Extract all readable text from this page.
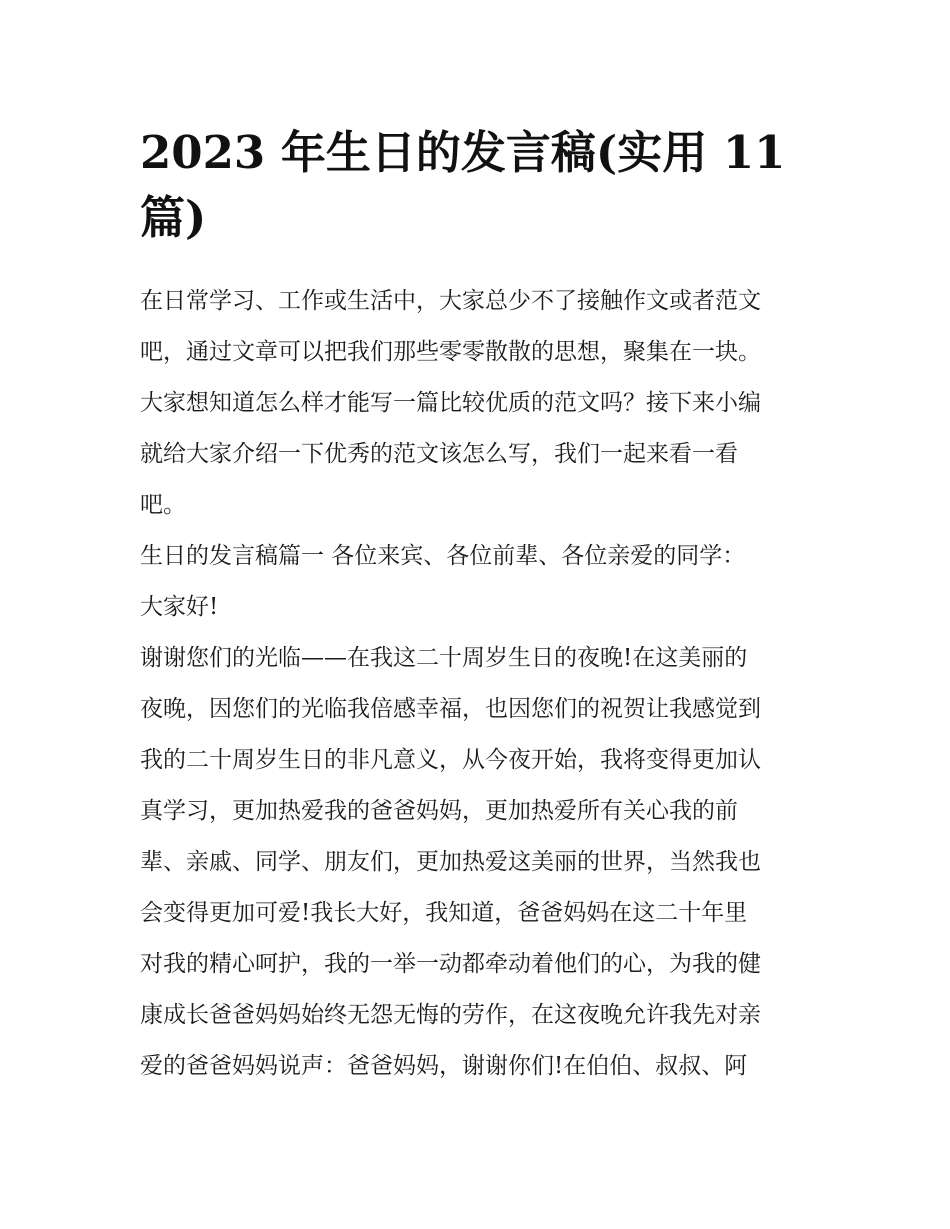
2023 年生日的发言稿(实用 11
篇)
在日常学习、工作或生活中，大家总少不了接触作文或者范文
吧，通过文章可以把我们那些零零散散的思想，聚集在一块。
大家想知道怎么样才能写一篇比较优质的范文吗？接下来小编
就给大家介绍一下优秀的范文该怎么写，我们一起来看一看
吧。
生日的发言稿篇一 各位来宾、各位前辈、各位亲爱的同学：
大家好!
谢谢您们的光临——在我这二十周岁生日的夜晚!在这美丽的
夜晚，因您们的光临我倍感幸福，也因您们的祝贺让我感觉到
我的二十周岁生日的非凡意义，从今夜开始，我将变得更加认
真学习，更加热爱我的爸爸妈妈，更加热爱所有关心我的前
辈、亲戚、同学、朋友们，更加热爱这美丽的世界，当然我也
会变得更加可爱!我长大好，我知道，爸爸妈妈在这二十年里
对我的精心呵护，我的一举一动都牵动着他们的心，为我的健
康成长爸爸妈妈始终无怨无悔的劳作，在这夜晚允许我先对亲
爱的爸爸妈妈说声：爸爸妈妈，谢谢你们!在伯伯、叔叔、阿
